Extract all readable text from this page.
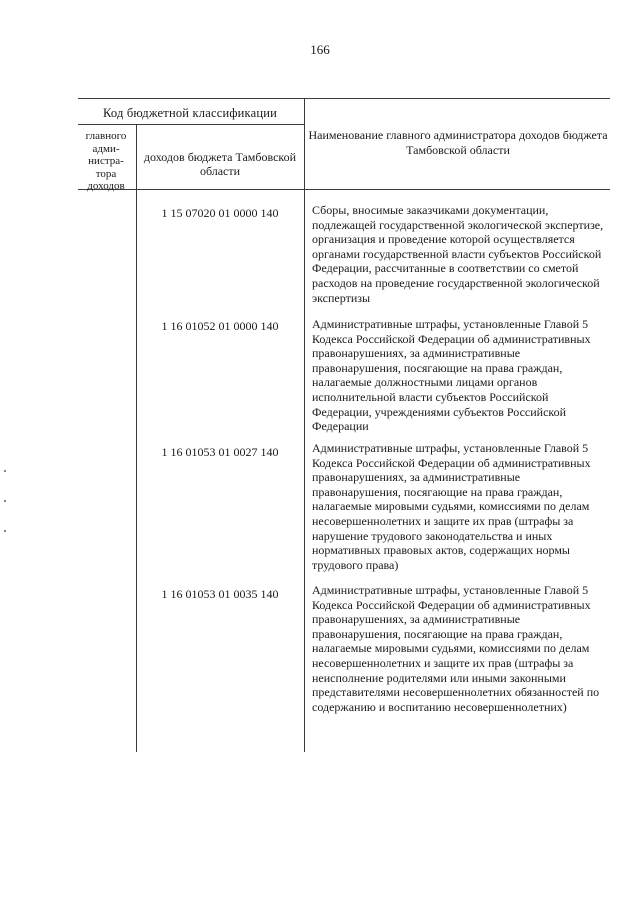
166
Код бюджетной классификации
главного адми-нистра-тора доходов
доходов бюджета Тамбовской области
Наименование главного администратора доходов бюджета Тамбовской области
1 15 07020 01 0000 140	Сборы, вносимые заказчиками документации, подлежащей государственной экологической экспертизе, организация и проведение которой осуществляется органами государственной власти субъектов Российской Федерации, рассчитанные в соответствии со сметой расходов на проведение государственной экологической экспертизы
1 16 01052 01 0000 140	Административные штрафы, установленные Главой 5 Кодекса Российской Федерации об административных правонарушениях, за административные правонарушения, посягающие на права граждан, налагаемые должностными лицами органов исполнительной власти субъектов Российской Федерации, учреждениями субъектов Российской Федерации
1 16 01053 01 0027 140	Административные штрафы, установленные Главой 5 Кодекса Российской Федерации об административных правонарушениях, за административные правонарушения, посягающие на права граждан, налагаемые мировыми судьями, комиссиями по делам несовершеннолетних и защите их прав (штрафы за нарушение трудового законодательства и иных нормативных правовых актов, содержащих нормы трудового права)
1 16 01053 01 0035 140	Административные штрафы, установленные Главой 5 Кодекса Российской Федерации об административных правонарушениях, за административные правонарушения, посягающие на права граждан, налагаемые мировыми судьями, комиссиями по делам несовершеннолетних и защите их прав (штрафы за неисполнение родителями или иными законными представителями несовершеннолетних обязанностей по содержанию и воспитанию несовершеннолетних)
